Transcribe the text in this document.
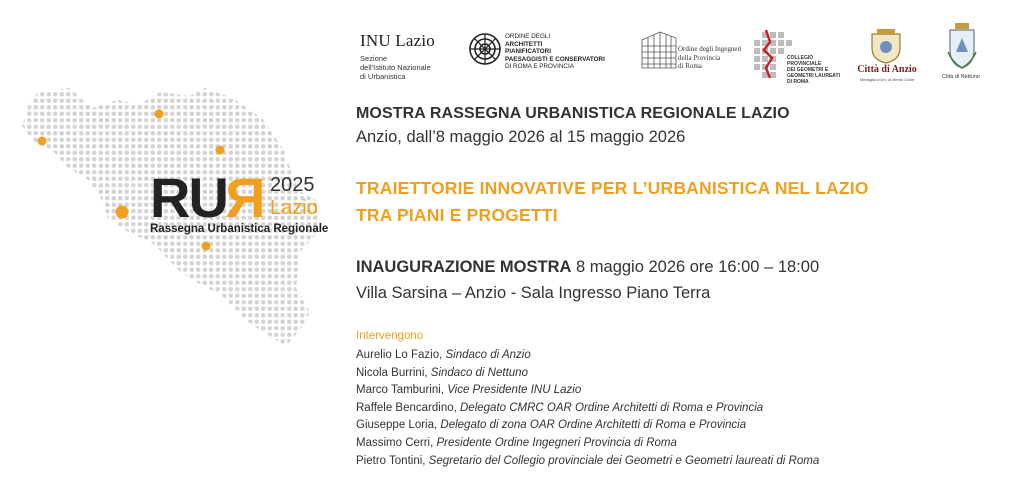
RUR 2025
Lazio
Rassegna Urbanistica Regionale
INU Lazio
Sezione
dell'Istituto Nazionale
di Urbanistica
ORDINE DEGLI
ARCHITETTI
PIANIFICATORI
PAESAGGISTI E CONSERVATORI
DI ROMA E PROVINCIA
Ordine degli Ingegneri
della Provincia
di Roma
COLLEGIO
PROVINCIALE
DEI GEOMETRI E
GEOMETRI LAUREATI
DI ROMA
Città di Anzio
Medaglia d'Oro al Merito Civile	Città di Nettuno
MOSTRA RASSEGNA URBANISTICA REGIONALE LAZIO
Anzio, dall’8 maggio 2026 al 15 maggio 2026
TRAIETTORIE INNOVATIVE PER L’URBANISTICA NEL LAZIO
TRA PIANI E PROGETTI
INAUGURAZIONE MOSTRA 8 maggio 2026 ore 16:00 – 18:00
Villa Sarsina – Anzio - Sala Ingresso Piano Terra
Intervengono
Aurelio Lo Fazio, Sindaco di Anzio
Nicola Burrini, Sindaco di Nettuno
Marco Tamburini, Vice Presidente INU Lazio
Raffele Bencardino, Delegato CMRC OAR Ordine Architetti di Roma e Provincia
Giuseppe Loria, Delegato di zona OAR Ordine Architetti di Roma e Provincia
Massimo Cerri, Presidente Ordine Ingegneri Provincia di Roma
Pietro Tontini, Segretario del Collegio provinciale dei Geometri e Geometri laureati di Roma
